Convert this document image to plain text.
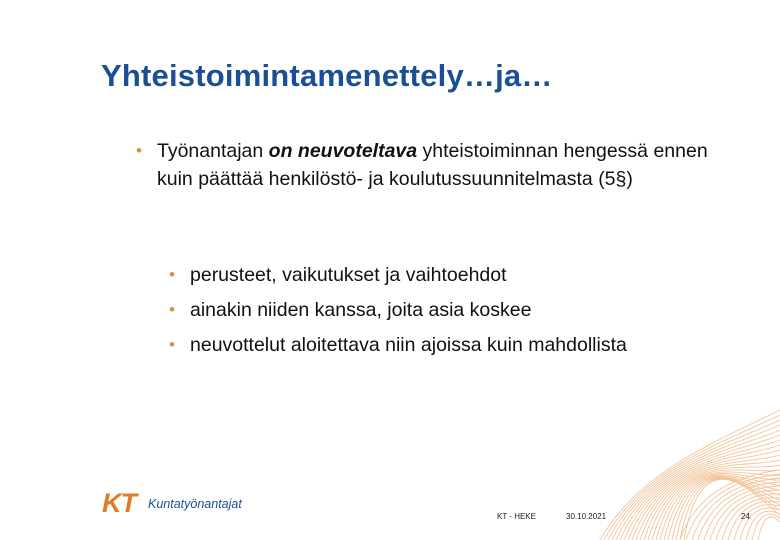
Yhteistoimintamenettely…ja…
• Työnantajan on neuvoteltava yhteistoiminnan hengessä ennen kuin päättää henkilöstö- ja koulutussuunnitelmasta (5§)
• perusteet, vaikutukset ja vaihtoehdot
• ainakin niiden kanssa, joita asia koskee
• neuvottelut aloitettava niin ajoissa kuin mahdollista
KT Kuntatyönantajat
KT - HEKE	30.10.2021	24
